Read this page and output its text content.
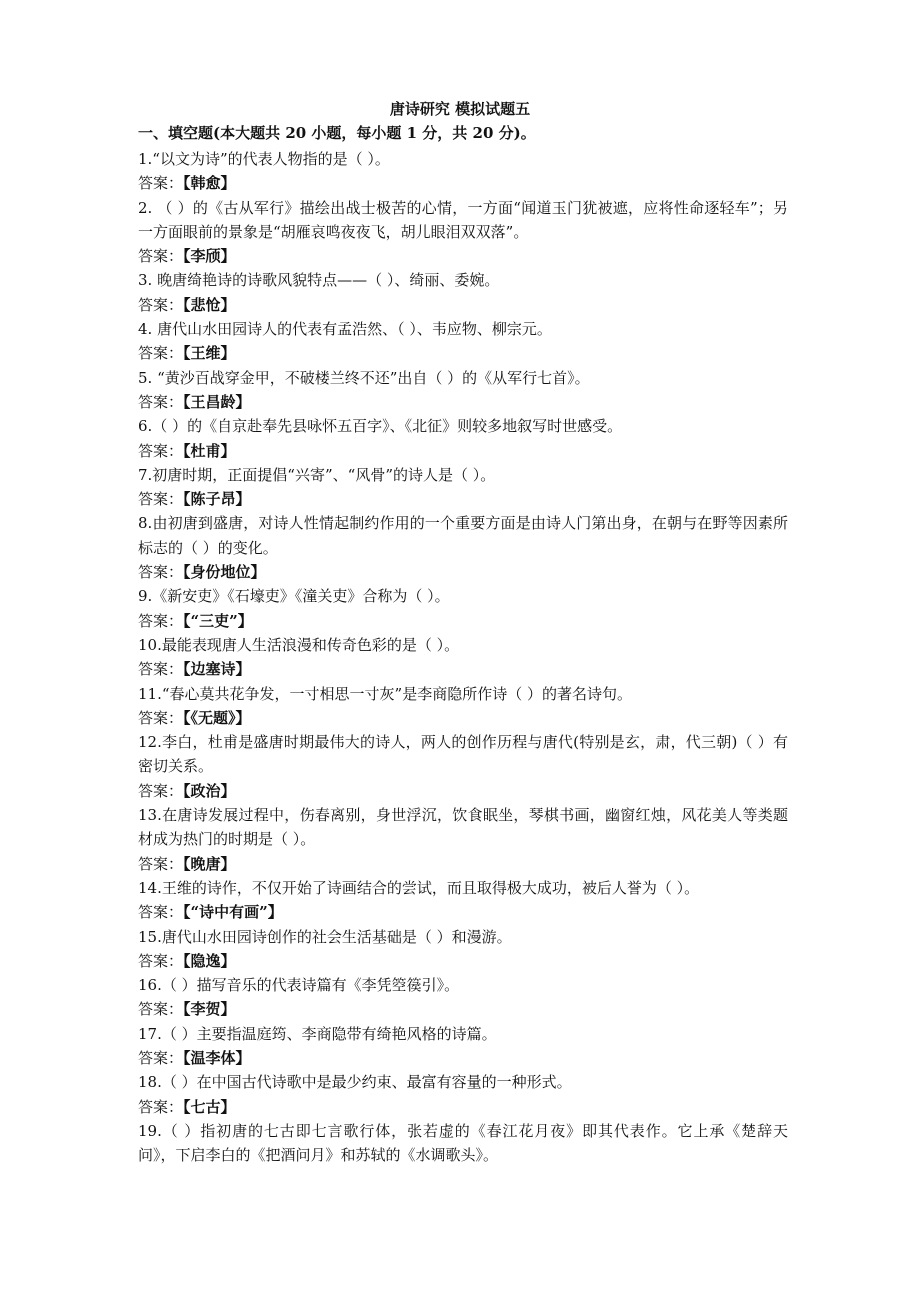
唐诗研究 模拟试题五
一、填空题(本大题共 20 小题，每小题 1 分，共 20 分)。
1.“以文为诗”的代表人物指的是（ ）。
答案：【韩愈】
2. （ ）的《古从军行》描绘出战士极苦的心情，一方面“闻道玉门犹被遮，应将性命逐轻车”；另一方面眼前的景象是“胡雁哀鸣夜夜飞，胡儿眼泪双双落”。
答案：【李颀】
3. 晚唐绮艳诗的诗歌风貌特点——（ ）、绮丽、委婉。
答案：【悲怆】
4. 唐代山水田园诗人的代表有孟浩然、（ ）、韦应物、柳宗元。
答案：【王维】
5. “黄沙百战穿金甲，不破楼兰终不还”出自（ ）的《从军行七首》。
答案：【王昌龄】
6.（ ）的《自京赴奉先县咏怀五百字》、《北征》则较多地叙写时世感受。
答案：【杜甫】
7.初唐时期，正面提倡“兴寄”、“风骨”的诗人是（ ）。
答案：【陈子昂】
8.由初唐到盛唐，对诗人性情起制约作用的一个重要方面是由诗人门第出身，在朝与在野等因素所标志的（ ）的变化。
答案：【身份地位】
9.《新安吏》《石壕吏》《潼关吏》合称为（ ）。
答案：【“三吏”】
10.最能表现唐人生活浪漫和传奇色彩的是（ ）。
答案：【边塞诗】
11.“春心莫共花争发，一寸相思一寸灰”是李商隐所作诗（ ）的著名诗句。
答案：【《无题》】
12.李白，杜甫是盛唐时期最伟大的诗人，两人的创作历程与唐代(特别是玄，肃，代三朝)（ ）有密切关系。
答案：【政治】
13.在唐诗发展过程中，伤春离别，身世浮沉，饮食眠坐，琴棋书画，幽窗红烛，风花美人等类题材成为热门的时期是（ ）。
答案：【晚唐】
14.王维的诗作，不仅开始了诗画结合的尝试，而且取得极大成功，被后人誉为（ ）。
答案：【“诗中有画”】
15.唐代山水田园诗创作的社会生活基础是（ ）和漫游。
答案：【隐逸】
16.（ ）描写音乐的代表诗篇有《李凭箜篌引》。
答案：【李贺】
17.（ ）主要指温庭筠、李商隐带有绮艳风格的诗篇。
答案：【温李体】
18.（ ）在中国古代诗歌中是最少约束、最富有容量的一种形式。
答案：【七古】
19.（ ）指初唐的七古即七言歌行体，张若虚的《春江花月夜》即其代表作。它上承《楚辞天问》，下启李白的《把酒问月》和苏轼的《水调歌头》。
